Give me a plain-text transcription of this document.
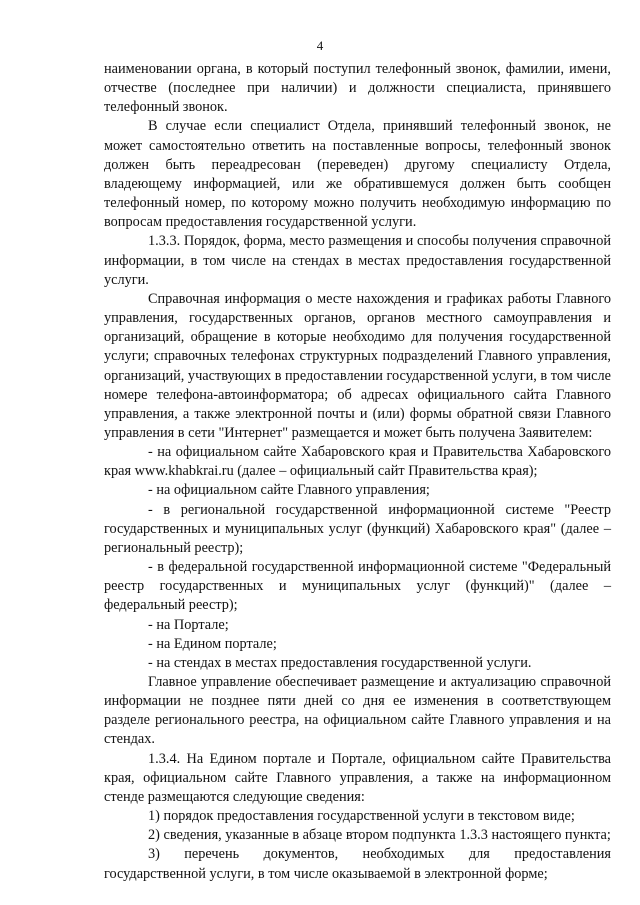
4

наименовании органа, в который поступил телефонный звонок, фамилии, имени, отчестве (последнее при наличии) и должности специалиста, принявшего телефонный звонок.

В случае если специалист Отдела, принявший телефонный звонок, не может самостоятельно ответить на поставленные вопросы, телефонный звонок должен быть переадресован (переведен) другому специалисту Отдела, владеющему информацией, или же обратившемуся должен быть сообщен телефонный номер, по которому можно получить необходимую информацию по вопросам предоставления государственной услуги.

1.3.3. Порядок, форма, место размещения и способы получения справочной информации, в том числе на стендах в местах предоставления государственной услуги.

Справочная информация о месте нахождения и графиках работы Главного управления, государственных органов, органов местного самоуправления и организаций, обращение в которые необходимо для получения государственной услуги; справочных телефонах структурных подразделений Главного управления, организаций, участвующих в предоставлении государственной услуги, в том числе номере телефона-автоинформатора; об адресах официального сайта Главного управления, а также электронной почты и (или) формы обратной связи Главного управления в сети "Интернет" размещается и может быть получена Заявителем:

- на официальном сайте Хабаровского края и Правительства Хабаровского края www.khabkrai.ru (далее – официальный сайт Правительства края);

- на официальном сайте Главного управления;

- в региональной государственной информационной системе "Реестр государственных и муниципальных услуг (функций) Хабаровского края" (далее – региональный реестр);

- в федеральной государственной информационной системе "Федеральный реестр государственных и муниципальных услуг (функций)" (далее – федеральный реестр);

- на Портале;

- на Едином портале;

- на стендах в местах предоставления государственной услуги.

Главное управление обеспечивает размещение и актуализацию справочной информации не позднее пяти дней со дня ее изменения в соответствующем разделе регионального реестра, на официальном сайте Главного управления и на стендах.

1.3.4. На Едином портале и Портале, официальном сайте Правительства края, официальном сайте Главного управления, а также на информационном стенде размещаются следующие сведения:

1) порядок предоставления государственной услуги в текстовом виде;

2) сведения, указанные в абзаце втором подпункта 1.3.3 настоящего пункта;

3) перечень документов, необходимых для предоставления государственной услуги, в том числе оказываемой в электронной форме;
